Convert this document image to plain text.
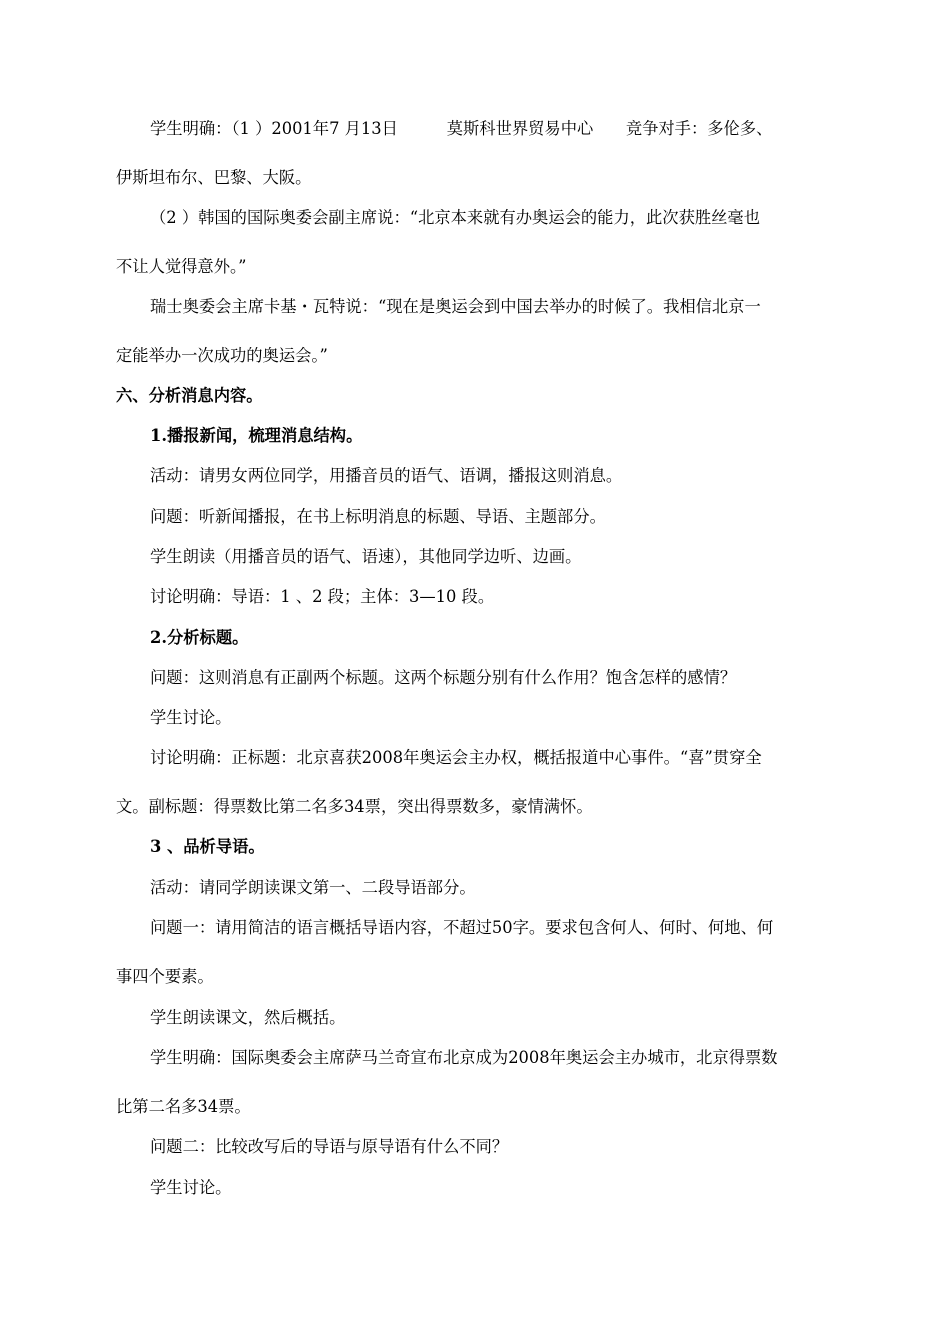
学生明确：（1 ）2001年7 月13日　　　莫斯科世界贸易中心　　竞争对手：多伦多、
伊斯坦布尔、巴黎、大阪。
（2 ）韩国的国际奥委会副主席说：“北京本来就有办奥运会的能力，此次获胜丝毫也
不让人觉得意外。”
瑞士奥委会主席卡基・瓦特说：“现在是奥运会到中国去举办的时候了。我相信北京一
定能举办一次成功的奥运会。”
六、分析消息内容。
1.播报新闻，梳理消息结构。
活动：请男女两位同学，用播音员的语气、语调，播报这则消息。
问题：听新闻播报，在书上标明消息的标题、导语、主题部分。
学生朗读（用播音员的语气、语速），其他同学边听、边画。
讨论明确：导语：1 、2 段；主体：3—10 段。
2.分析标题。
问题：这则消息有正副两个标题。这两个标题分别有什么作用？饱含怎样的感情？
学生讨论。
讨论明确：正标题：北京喜获2008年奥运会主办权，概括报道中心事件。“喜”贯穿全
文。副标题：得票数比第二名多34票，突出得票数多，豪情满怀。
3 、品析导语。
活动：请同学朗读课文第一、二段导语部分。
问题一：请用简洁的语言概括导语内容，不超过50字。要求包含何人、何时、何地、何
事四个要素。
学生朗读课文，然后概括。
学生明确：国际奥委会主席萨马兰奇宣布北京成为2008年奥运会主办城市，北京得票数
比第二名多34票。
问题二：比较改写后的导语与原导语有什么不同？
学生讨论。
